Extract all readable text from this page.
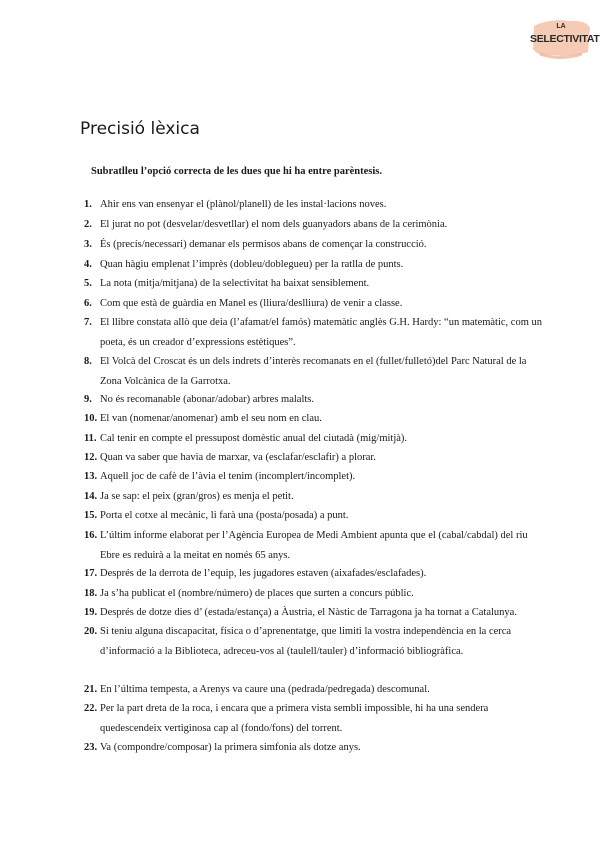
LA
SELECTIVITAT
Precisió lèxica

Subratlleu l’opció correcta de les dues que hi ha entre parèntesis.

1. Ahir ens van ensenyar el (plànol/planell) de les instal·lacions noves.
2. El jurat no pot (desvelar/desvetllar) el nom dels guanyadors abans de la cerimònia.
3. És (precís/necessari) demanar els permisos abans de començar la construcció.
4. Quan hàgiu emplenat l’imprès (dobleu/doblegueu) per la ratlla de punts.
5. La nota (mitja/mitjana) de la selectivitat ha baixat sensiblement.
6. Com que està de guàrdia en Manel es (lliura/deslliura) de venir a classe.
7. El llibre constata allò que deia (l’afamat/el famós) matemàtic anglès G.H. Hardy: “un matemàtic, com un poeta, és un creador d’expressions estètiques”.
8. El Volcà del Croscat és un dels indrets d’interès recomanats en el (fullet/fulletó)del Parc Natural de la Zona Volcànica de la Garrotxa.
9. No és recomanable (abonar/adobar) arbres malalts.
10. El van (nomenar/anomenar) amb el seu nom en clau.
11. Cal tenir en compte el pressupost domèstic anual del ciutadà (mig/mitjà).
12. Quan va saber que havia de marxar, va (esclafar/esclafir) a plorar.
13. Aquell joc de cafè de l’àvia el tenim (incomplert/incomplet).
14. Ja se sap: el peix (gran/gros) es menja el petit.
15. Porta el cotxe al mecànic, li farà una (posta/posada) a punt.
16. L’últim informe elaborat per l’Agència Europea de Medi Ambient apunta que el (cabal/cabdal) del riu Ebre es reduirà a la meitat en només 65 anys.
17. Després de la derrota de l’equip, les jugadores estaven (aixafades/esclafades).
18. Ja s’ha publicat el (nombre/número) de places que surten a concurs públic.
19. Després de dotze dies d’ (estada/estança) a Àustria, el Nàstic de Tarragona ja ha tornat a Catalunya.
20. Si teniu alguna discapacitat, física o d’aprenentatge, que limiti la vostra independència en la cerca d’informació a la Biblioteca, adreceu-vos al (taulell/tauler) d’informació bibliogràfica.
21. En l’última tempesta, a Arenys va caure una (pedrada/pedregada) descomunal.
22. Per la part dreta de la roca, i encara que a primera vista sembli impossible, hi ha una sendera quedescendeix vertiginosa cap al (fondo/fons) del torrent.
23. Va (compondre/composar) la primera simfonia als dotze anys.
